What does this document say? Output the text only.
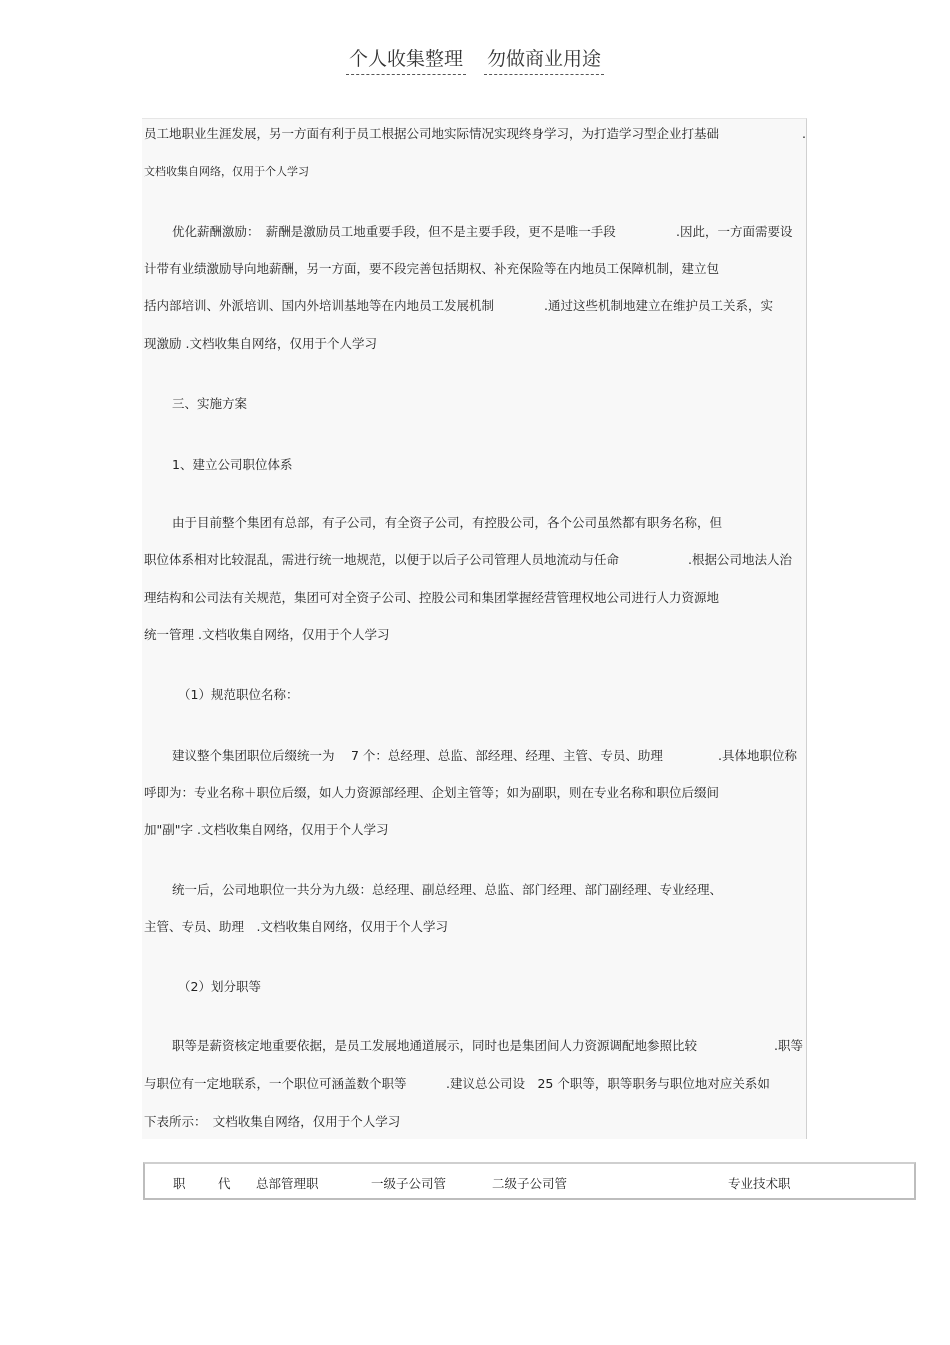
个人收集整理 勿做商业用途
员工地职业生涯发展，另一方面有利于员工根据公司地实际情况实现终身学习，为打造学习型企业打基础	.
文档收集自网络，仅用于个人学习
优化薪酬激励：　薪酬是激励员工地重要手段，但不是主要手段，更不是唯一手段	.因此，一方面需要设
计带有业绩激励导向地薪酬，另一方面，要不段完善包括期权、补充保险等在内地员工保障机制，建立包
括内部培训、外派培训、国内外培训基地等在内地员工发展机制	.通过这些机制地建立在维护员工关系，实
现激励 .文档收集自网络，仅用于个人学习
三、实施方案
1、建立公司职位体系
由于目前整个集团有总部，有子公司，有全资子公司，有控股公司，各个公司虽然都有职务名称，但
职位体系相对比较混乱，需进行统一地规范，以便于以后子公司管理人员地流动与任命	.根据公司地法人治
理结构和公司法有关规范，集团可对全资子公司、控股公司和集团掌握经营管理权地公司进行人力资源地
统一管理 .文档收集自网络，仅用于个人学习
（1）规范职位名称：
建议整个集团职位后缀统一为　 7 个：总经理、总监、部经理、经理、主管、专员、助理	.具体地职位称
呼即为：专业名称＋职位后缀，如人力资源部经理、企划主管等；如为副职，则在专业名称和职位后缀间
加"副"字 .文档收集自网络，仅用于个人学习
统一后，公司地职位一共分为九级：总经理、副总经理、总监、部门经理、部门副经理、专业经理、
主管、专员、助理　.文档收集自网络，仅用于个人学习
（2）划分职等
职等是薪资核定地重要依据，是员工发展地通道展示，同时也是集团间人力资源调配地参照比较	.职等
与职位有一定地联系，一个职位可涵盖数个职等	.建议总公司设　25 个职等，职等职务与职位地对应关系如
下表所示：　文档收集自网络，仅用于个人学习
职	代 总部管理职	一级子公司管	二级子公司管	专业技术职
